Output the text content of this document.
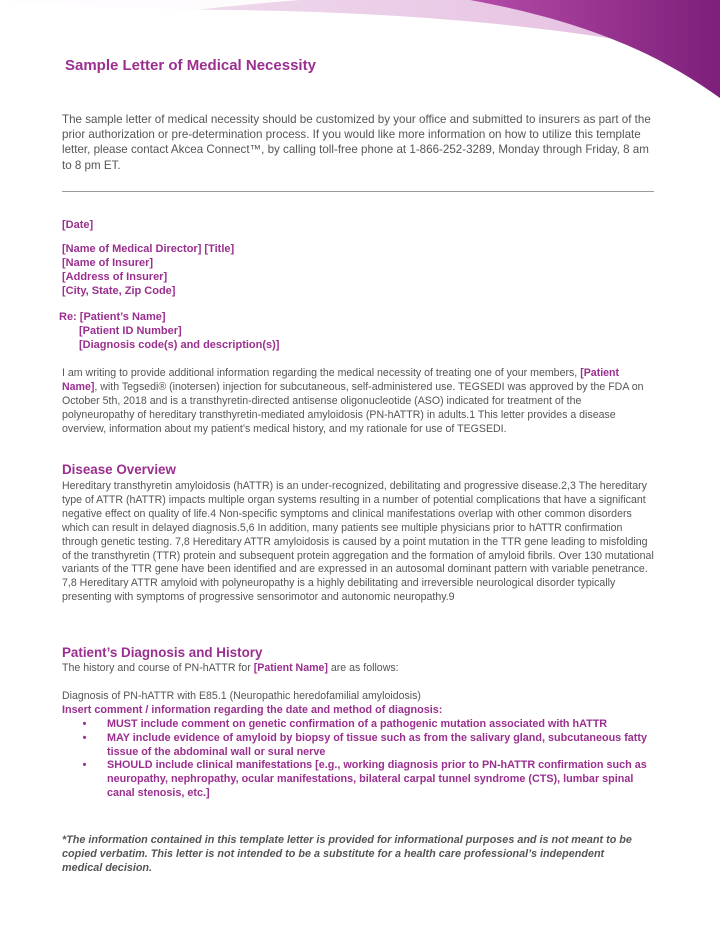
Sample Letter of Medical Necessity
The sample letter of medical necessity should be customized by your office and submitted to insurers as part of the prior authorization or pre-determination process. If you would like more information on how to utilize this template letter, please contact Akcea Connect™, by calling toll-free phone at 1-866-252-3289, Monday through Friday, 8 am to 8 pm ET.
[Date]
[Name of Medical Director] [Title]
[Name of Insurer]
[Address of Insurer]
[City, State, Zip Code]
Re: [Patient’s Name]
[Patient ID Number]
[Diagnosis code(s) and description(s)]
I am writing to provide additional information regarding the medical necessity of treating one of your members, [Patient Name], with Tegsedi® (inotersen) injection for subcutaneous, self-administered use. TEGSEDI was approved by the FDA on October 5th, 2018 and is a transthyretin-directed antisense oligonucleotide (ASO) indicated for treatment of the polyneuropathy of hereditary transthyretin-mediated amyloidosis (PN-hATTR) in adults.1 This letter provides a disease overview, information about my patient’s medical history, and my rationale for use of TEGSEDI.
Disease Overview
Hereditary transthyretin amyloidosis (hATTR) is an under-recognized, debilitating and progressive disease.2,3 The hereditary type of ATTR (hATTR) impacts multiple organ systems resulting in a number of potential complications that have a significant negative effect on quality of life.4 Non-specific symptoms and clinical manifestations overlap with other common disorders which can result in delayed diagnosis.5,6 In addition, many patients see multiple physicians prior to hATTR confirmation through genetic testing. 7,8 Hereditary ATTR amyloidosis is caused by a point mutation in the TTR gene leading to misfolding of the transthyretin (TTR) protein and subsequent protein aggregation and the formation of amyloid fibrils. Over 130 mutational variants of the TTR gene have been identified and are expressed in an autosomal dominant pattern with variable penetrance. 7,8 Hereditary ATTR amyloid with polyneuropathy is a highly debilitating and irreversible neurological disorder typically presenting with symptoms of progressive sensorimotor and autonomic neuropathy.9
Patient’s Diagnosis and History
The history and course of PN-hATTR for [Patient Name] are as follows:
Diagnosis of PN-hATTR with E85.1 (Neuropathic heredofamilial amyloidosis)
Insert comment / information regarding the date and method of diagnosis:
•	MUST include comment on genetic confirmation of a pathogenic mutation associated with hATTR
•	MAY include evidence of amyloid by biopsy of tissue such as from the salivary gland, subcutaneous fatty tissue of the abdominal wall or sural nerve
•	SHOULD include clinical manifestations [e.g., working diagnosis prior to PN-hATTR confirmation such as neuropathy, nephropathy, ocular manifestations, bilateral carpal tunnel syndrome (CTS), lumbar spinal canal stenosis, etc.]
*The information contained in this template letter is provided for informational purposes and is not meant to be copied verbatim. This letter is not intended to be a substitute for a health care professional’s independent medical decision.
